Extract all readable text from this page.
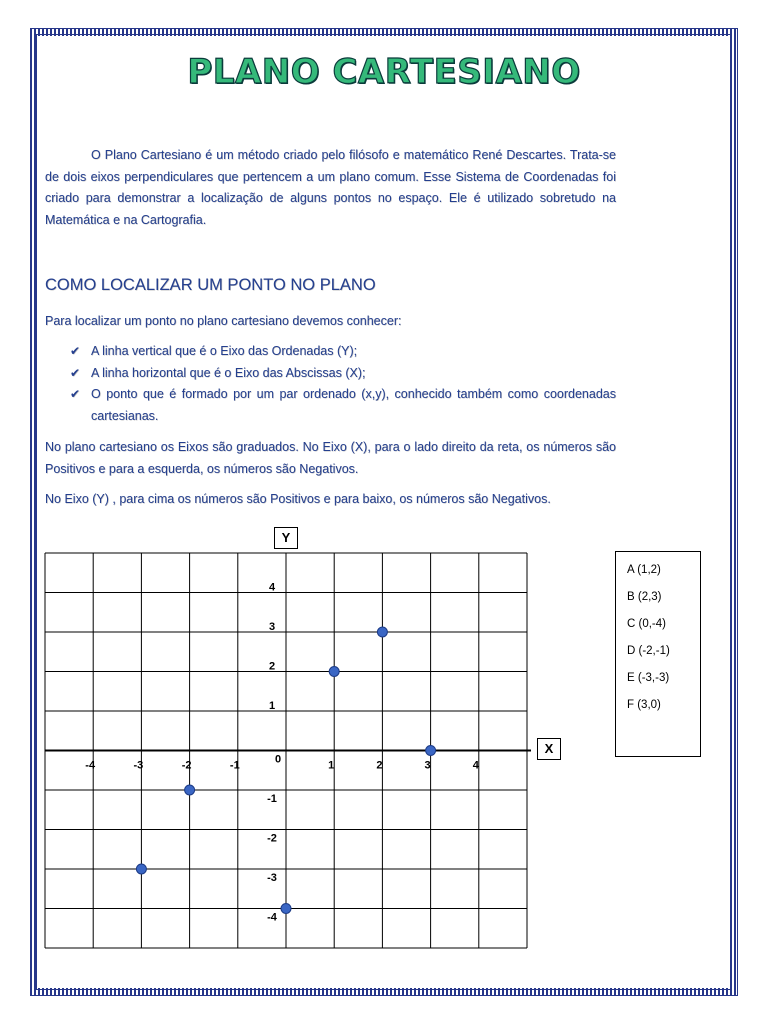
PLANO CARTESIANO
O Plano Cartesiano é um método criado pelo filósofo e matemático René Descartes. Trata-se de dois eixos perpendiculares que pertencem a um plano comum. Esse Sistema de Coordenadas foi criado para demonstrar a localização de alguns pontos no espaço. Ele é utilizado sobretudo na Matemática e na Cartografia.
COMO LOCALIZAR UM PONTO NO PLANO
Para localizar um ponto no plano cartesiano devemos conhecer:
✔ A linha vertical que é o Eixo das Ordenadas (Y);
✔ A linha horizontal que é o Eixo das Abscissas (X);
✔ O ponto que é formado por um par ordenado (x,y), conhecido também como coordenadas cartesianas.
No plano cartesiano os Eixos são graduados. No Eixo (X), para o lado direito da reta, os números são Positivos e para a esquerda, os números são Negativos.
No Eixo (Y) , para cima os números são Positivos e para baixo, os números são Negativos.
Y
X
-4	-3	-2	-1	1	2	3	4
4
3
2
1
-1
-2
-3
-4
0
A (1,2)
B (2,3)
C (0,-4)
D (-2,-1)
E (-3,-3)
F (3,0)
